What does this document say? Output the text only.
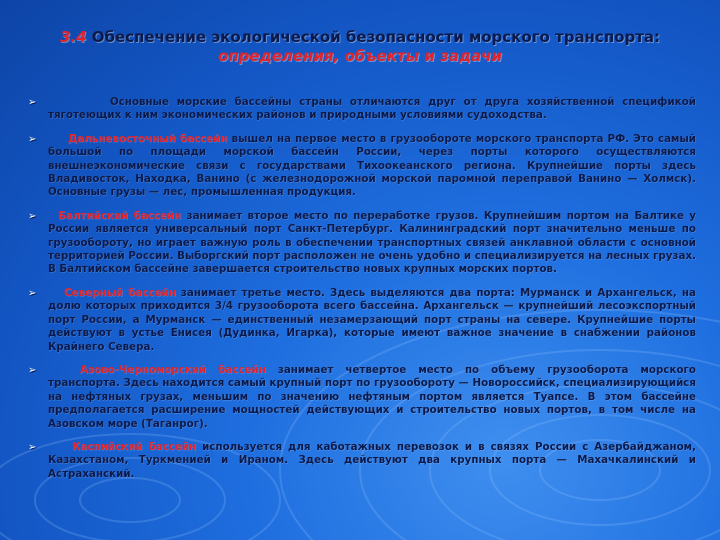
3.4 Обеспечение экологической безопасности морского транспорта:
определения, объекты и задачи
➢	Основные морские бассейны страны отличаются друг от друга хозяйственной спецификой тяготеющих к ним экономических районов и природными условиями судоходства.
➢	Дальневосточный бассейн вышел на первое место в грузообороте морского транспорта РФ. Это самый большой по площади морской бассейн России, через порты которого осуществляются внешнеэкономические связи с государствами Тихоокеанского региона. Крупнейшие порты здесь Владивосток, Находка, Ванино (с железнодорожной морской паромной переправой Ванино — Холмск). Основные грузы — лес, промышленная продукция.
➢ Балтийский бассейн занимает второе место по переработке грузов. Крупнейшим портом на Балтике у России является универсальный порт Санкт-Петербург. Калининградский порт значительно меньше по грузообороту, но играет важную роль в обеспечении транспортных связей анклавной области с основной территорией России. Выборгский порт расположен не очень удобно и специализируется на лесных грузах. В Балтийском бассейне завершается строительство новых крупных морских портов.
➢	Северный бассейн занимает третье место. Здесь выделяются два порта: Мурманск и Архангельск, на долю которых приходится 3/4 грузооборота всего бассейна. Архангельск — крупнейший лесоэкспортный порт России, а Мурманск — единственный незамерзающий порт страны на севере. Крупнейшие порты действуют в устье Енисея (Дудинка, Игарка), которые имеют важное значение в снабжении районов Крайнего Севера.
➢	Азово-Черноморский бассейн занимает четвертое место по объему грузооборота морского транспорта. Здесь находится самый крупный порт по грузообороту — Новороссийск, специализирующийся на нефтяных грузах, меньшим по значению нефтяным портом является Туапсе. В этом бассейне предполагается расширение мощностей действующих и строительство новых портов, в том числе на Азовском море (Таганрог).
➢	Каспийский бассейн используется для каботажных перевозок и в связях России с Азербайджаном, Казахстаном, Туркменией и Ираном. Здесь действуют два крупных порта — Махачкалинский и Астраханский.
